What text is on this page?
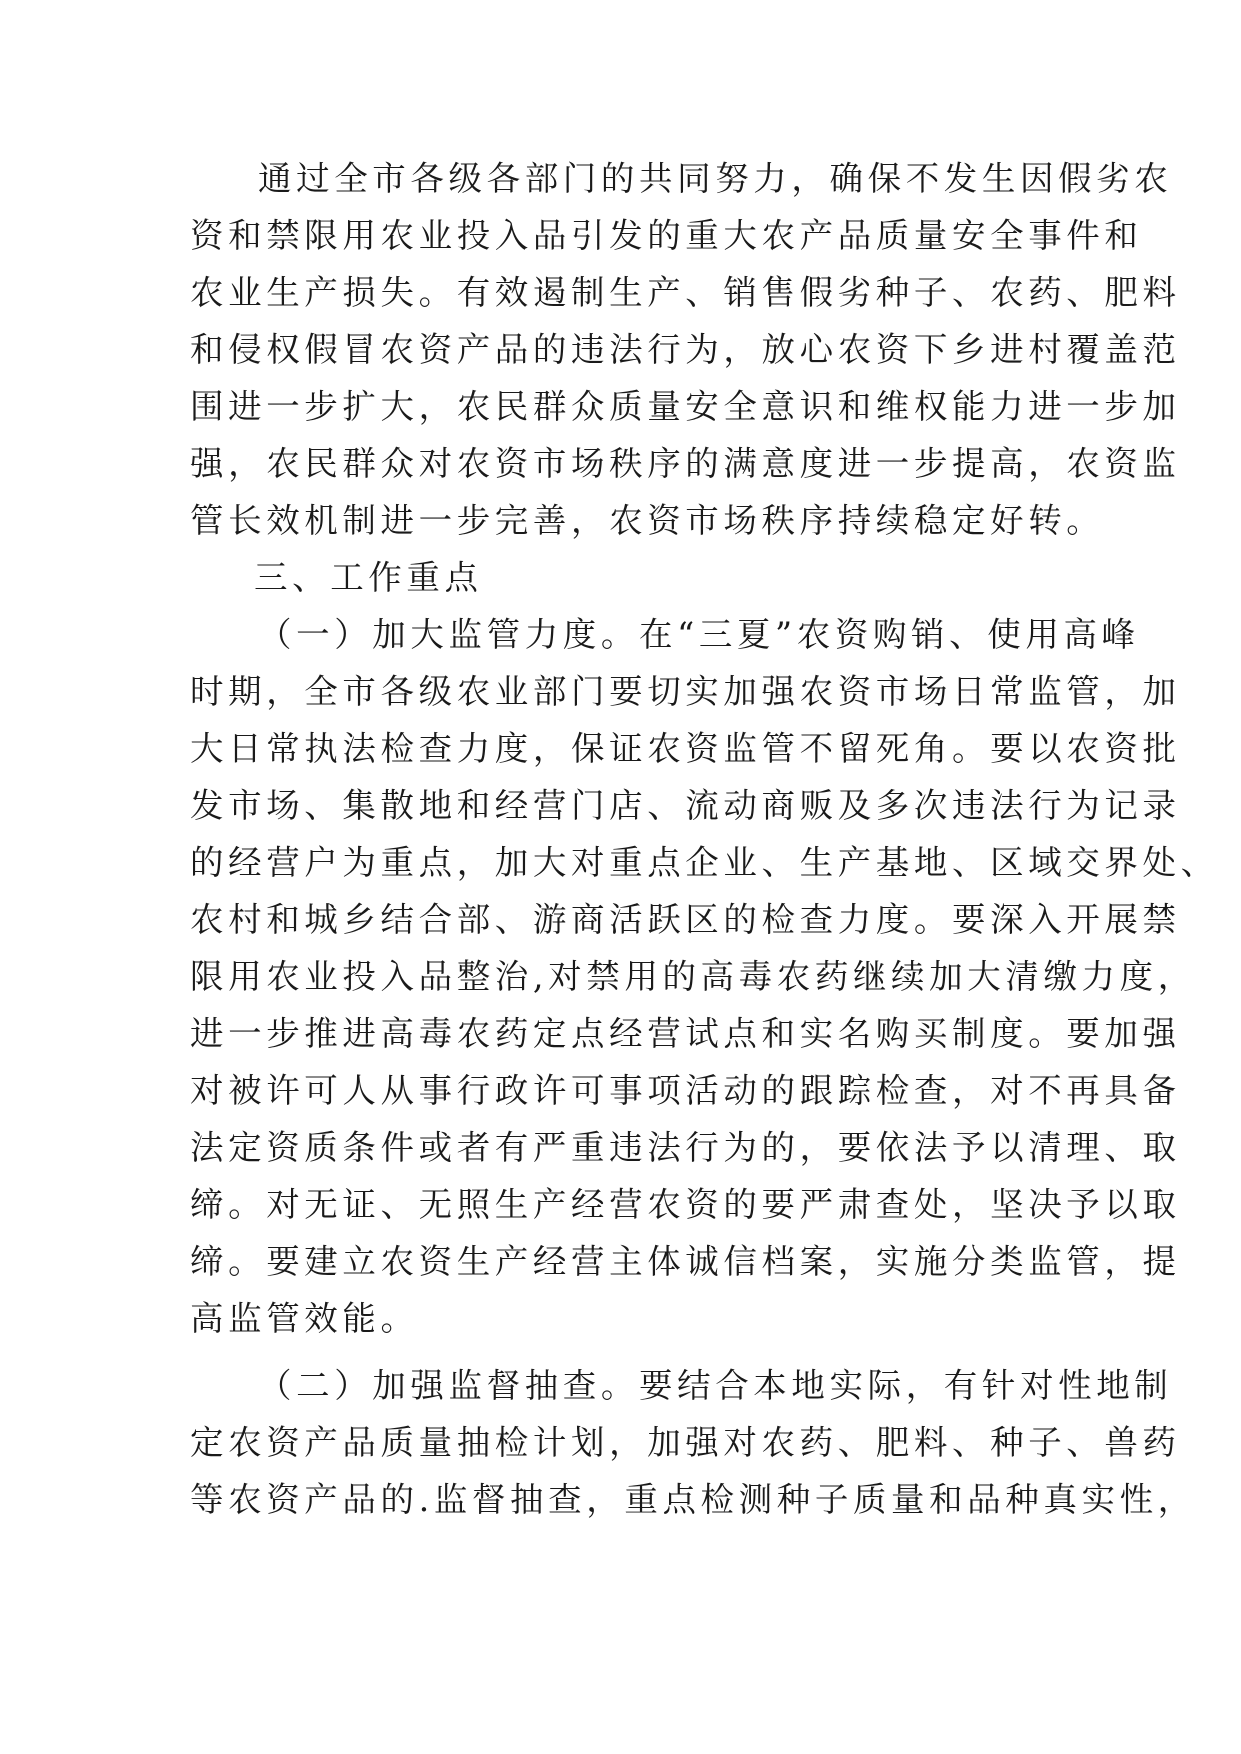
通过全市各级各部门的共同努力，确保不发生因假劣农
资和禁限用农业投入品引发的重大农产品质量安全事件和
农业生产损失。有效遏制生产、销售假劣种子、农药、肥料
和侵权假冒农资产品的违法行为，放心农资下乡进村覆盖范
围进一步扩大，农民群众质量安全意识和维权能力进一步加
强，农民群众对农资市场秩序的满意度进一步提高，农资监
管长效机制进一步完善，农资市场秩序持续稳定好转。
三、工作重点
（一）加大监管力度。在“三夏”农资购销、使用高峰
时期，全市各级农业部门要切实加强农资市场日常监管，加
大日常执法检查力度，保证农资监管不留死角。要以农资批
发市场、集散地和经营门店、流动商贩及多次违法行为记录
的经营户为重点，加大对重点企业、生产基地、区域交界处、
农村和城乡结合部、游商活跃区的检查力度。要深入开展禁
限用农业投入品整治,对禁用的高毒农药继续加大清缴力度，
进一步推进高毒农药定点经营试点和实名购买制度。要加强
对被许可人从事行政许可事项活动的跟踪检查，对不再具备
法定资质条件或者有严重违法行为的，要依法予以清理、取
缔。对无证、无照生产经营农资的要严肃查处，坚决予以取
缔。要建立农资生产经营主体诚信档案，实施分类监管，提
高监管效能。
（二）加强监督抽查。要结合本地实际，有针对性地制
定农资产品质量抽检计划，加强对农药、肥料、种子、兽药
等农资产品的.监督抽查，重点检测种子质量和品种真实性，
